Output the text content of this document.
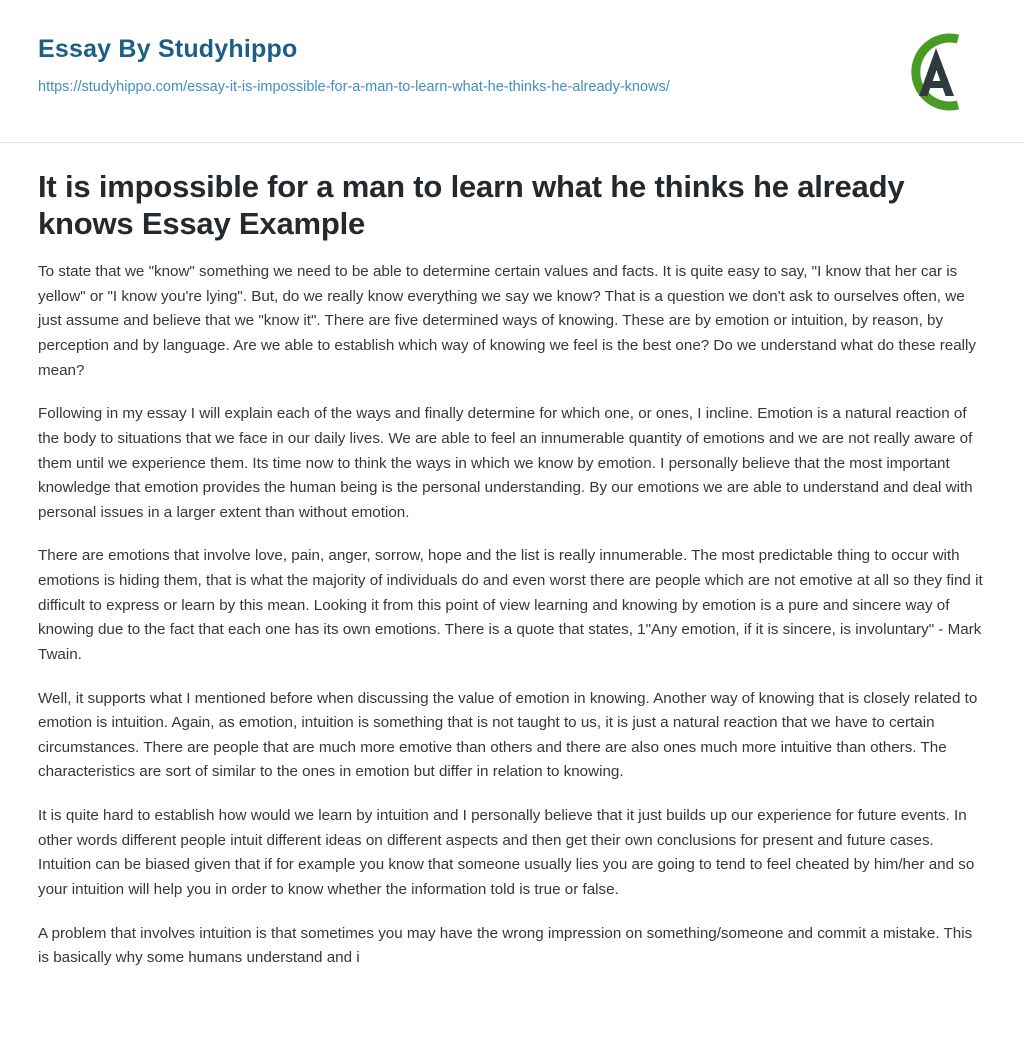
Essay By Studyhippo
https://studyhippo.com/essay-it-is-impossible-for-a-man-to-learn-what-he-thinks-he-already-knows/
It is impossible for a man to learn what he thinks he already knows Essay Example

To state that we "know" something we need to be able to determine certain values and facts. It is quite easy to say, "I know that her car is yellow" or "I know you're lying". But, do we really know everything we say we know? That is a question we don't ask to ourselves often, we just assume and believe that we "know it". There are five determined ways of knowing. These are by emotion or intuition, by reason, by perception and by language. Are we able to establish which way of knowing we feel is the best one? Do we understand what do these really mean?

Following in my essay I will explain each of the ways and finally determine for which one, or ones, I incline. Emotion is a natural reaction of the body to situations that we face in our daily lives. We are able to feel an innumerable quantity of emotions and we are not really aware of them until we experience them. Its time now to think the ways in which we know by emotion. I personally believe that the most important knowledge that emotion provides the human being is the personal understanding. By our emotions we are able to understand and deal with personal issues in a larger extent than without emotion.

There are emotions that involve love, pain, anger, sorrow, hope and the list is really innumerable. The most predictable thing to occur with emotions is hiding them, that is what the majority of individuals do and even worst there are people which are not emotive at all so they find it difficult to express or learn by this mean. Looking it from this point of view learning and knowing by emotion is a pure and sincere way of knowing due to the fact that each one has its own emotions. There is a quote that states, 1"Any emotion, if it is sincere, is involuntary" - Mark Twain.

Well, it supports what I mentioned before when discussing the value of emotion in knowing. Another way of knowing that is closely related to emotion is intuition. Again, as emotion, intuition is something that is not taught to us, it is just a natural reaction that we have to certain circumstances. There are people that are much more emotive than others and there are also ones much more intuitive than others. The characteristics are sort of similar to the ones in emotion but differ in relation to knowing.

It is quite hard to establish how would we learn by intuition and I personally believe that it just builds up our experience for future events. In other words different people intuit different ideas on different aspects and then get their own conclusions for present and future cases. Intuition can be biased given that if for example you know that someone usually lies you are going to tend to feel cheated by him/her and so your intuition will help you in order to know whether the information told is true or false.

A problem that involves intuition is that sometimes you may have the wrong impression on something/someone and commit a mistake. This is basically why some humans understand and i
